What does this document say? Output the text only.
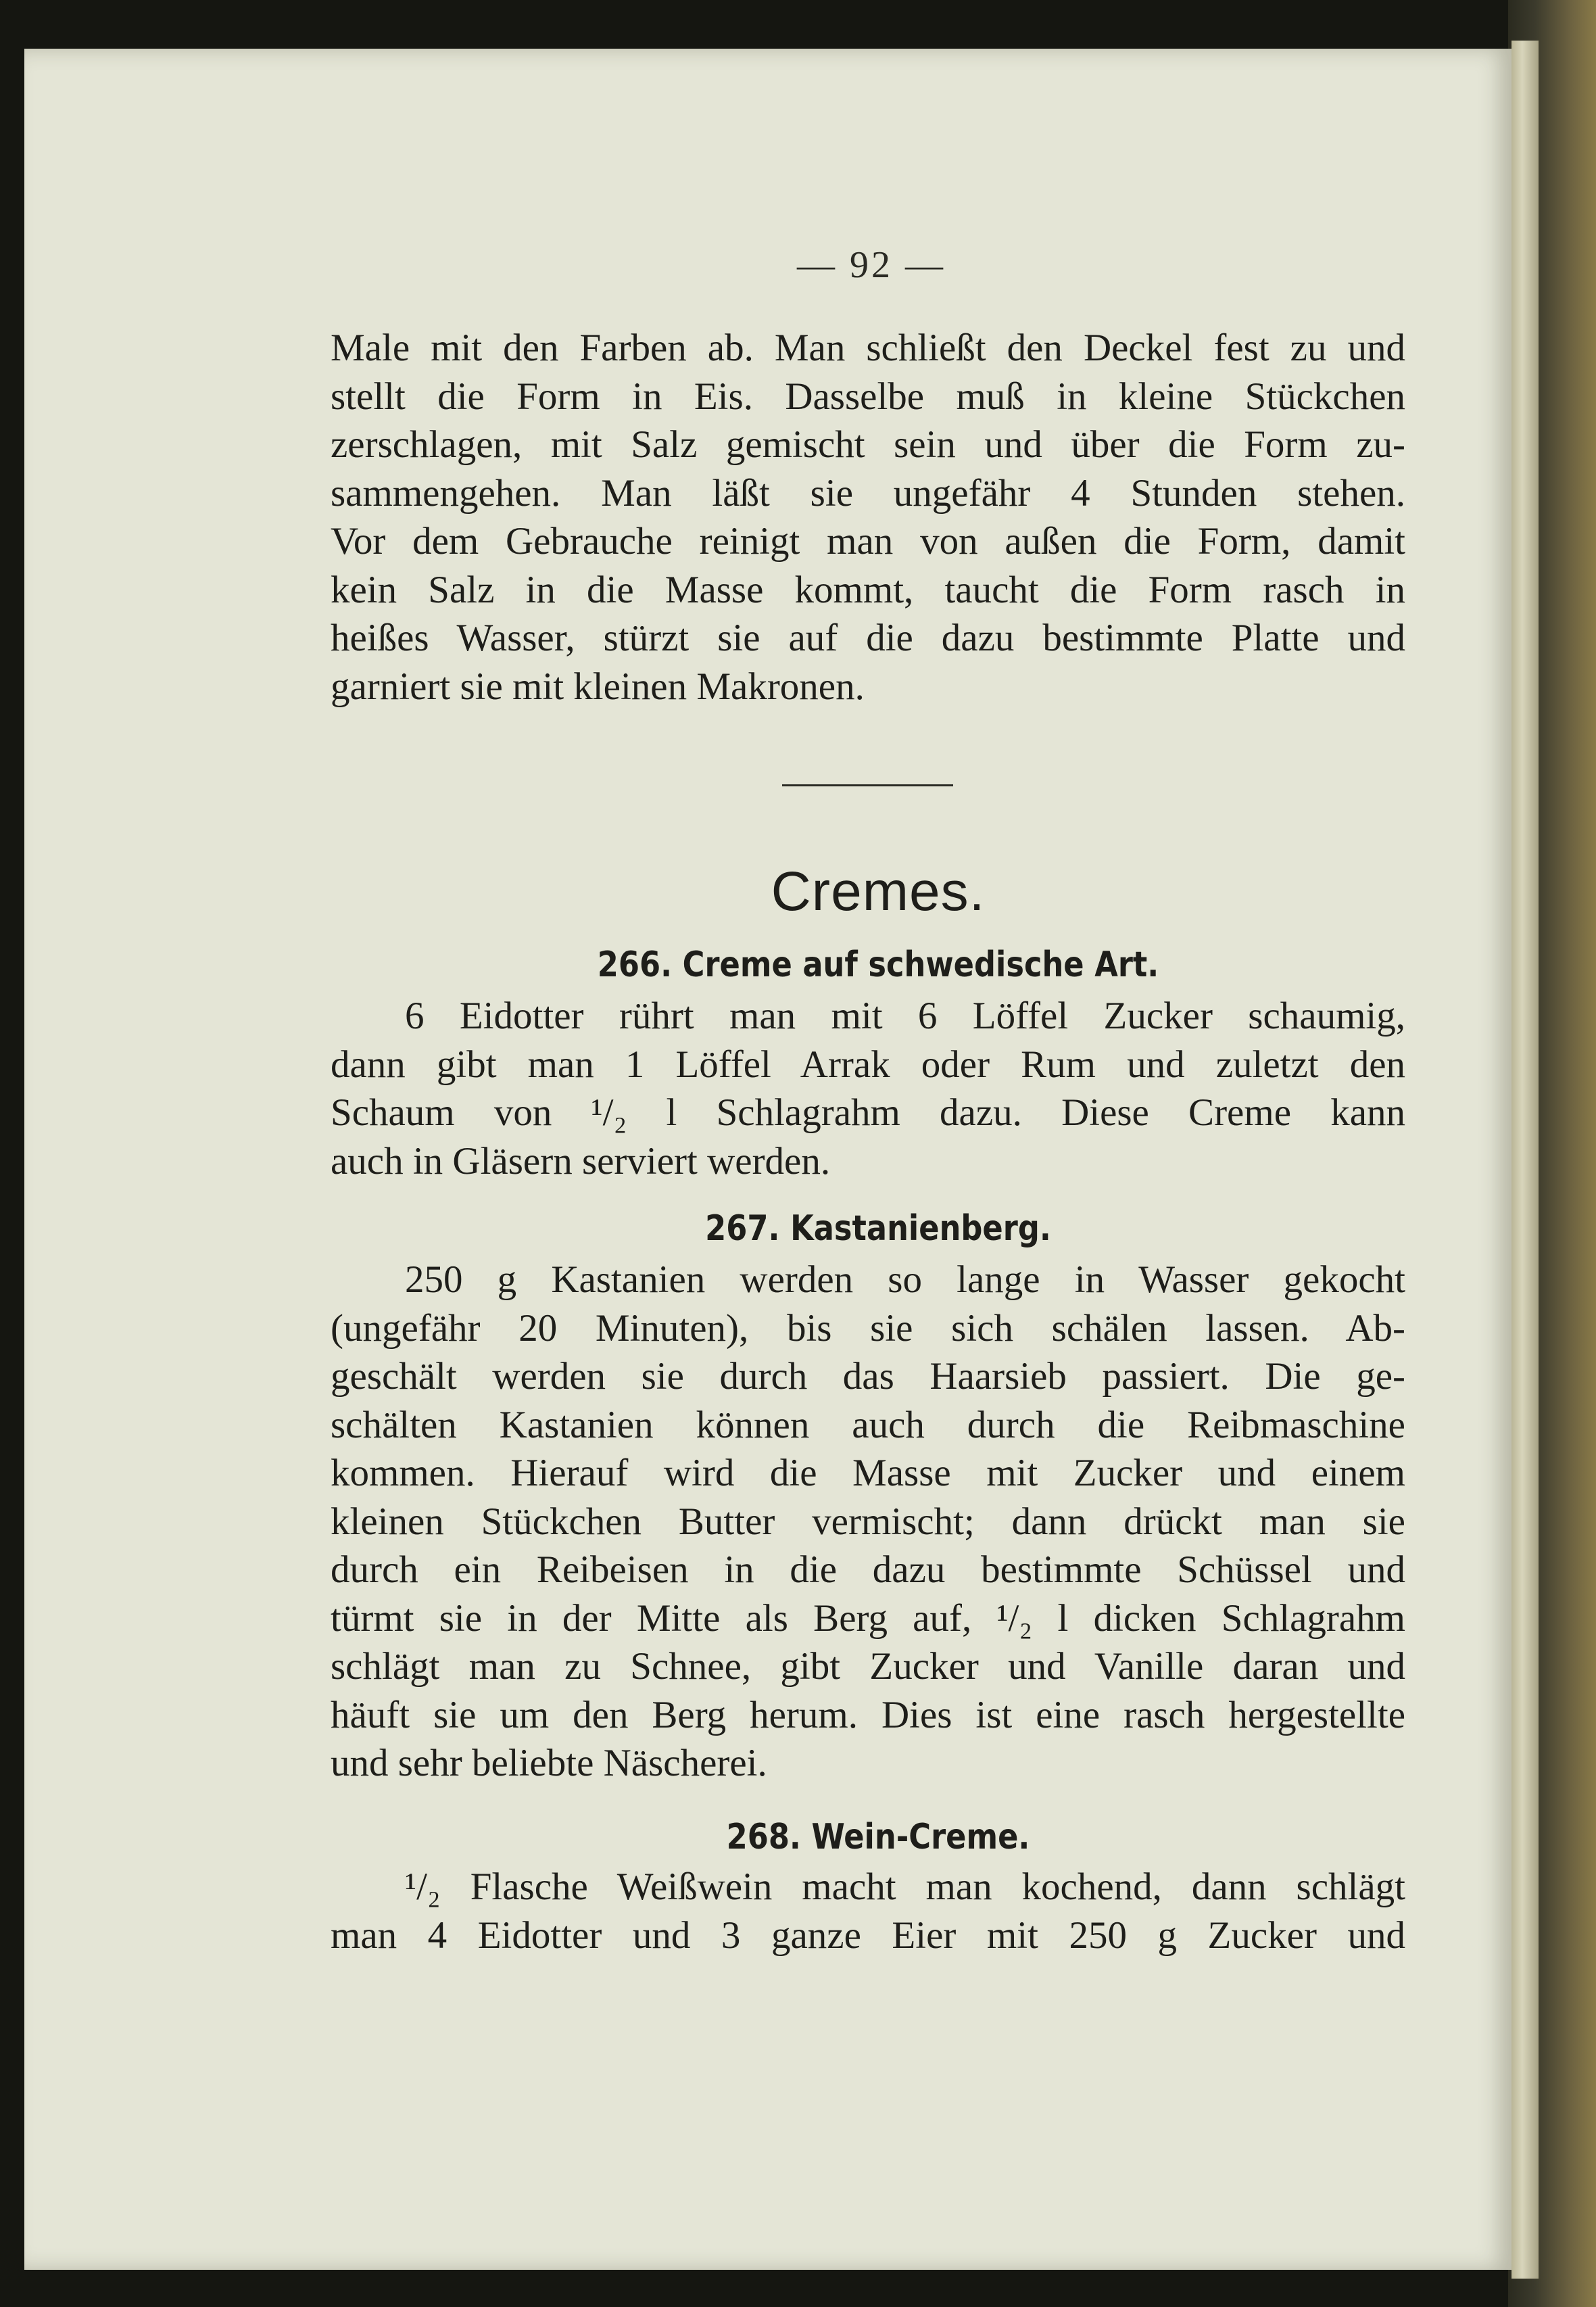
— 92 —

Male mit den Farben ab. Man schließt den Deckel fest zu und
stellt die Form in Eis. Dasselbe muß in kleine Stückchen
zerschlagen, mit Salz gemischt sein und über die Form zu-
sammengehen. Man läßt sie ungefähr 4 Stunden stehen.
Vor dem Gebrauche reinigt man von außen die Form, damit
kein Salz in die Masse kommt, taucht die Form rasch in
heißes Wasser, stürzt sie auf die dazu bestimmte Platte und
garniert sie mit kleinen Makronen.

Cremes.
266. Creme auf schwedische Art.

6 Eidotter rührt man mit 6 Löffel Zucker schaumig,
dann gibt man 1 Löffel Arrak oder Rum und zuletzt den
Schaum von ¹/₂ l Schlagrahm dazu. Diese Creme kann
auch in Gläsern serviert werden.

267. Kastanienberg.

250 g Kastanien werden so lange in Wasser gekocht
(ungefähr 20 Minuten), bis sie sich schälen lassen. Ab-
geschält werden sie durch das Haarsieb passiert. Die ge-
schälten Kastanien können auch durch die Reibmaschine
kommen. Hierauf wird die Masse mit Zucker und einem
kleinen Stückchen Butter vermischt; dann drückt man sie
durch ein Reibeisen in die dazu bestimmte Schüssel und
türmt sie in der Mitte als Berg auf, ¹/₂ l dicken Schlagrahm
schlägt man zu Schnee, gibt Zucker und Vanille daran und
häuft sie um den Berg herum. Dies ist eine rasch hergestellte
und sehr beliebte Näscherei.

268. Wein-Creme.

¹/₂ Flasche Weißwein macht man kochend, dann schlägt
man 4 Eidotter und 3 ganze Eier mit 250 g Zucker und
